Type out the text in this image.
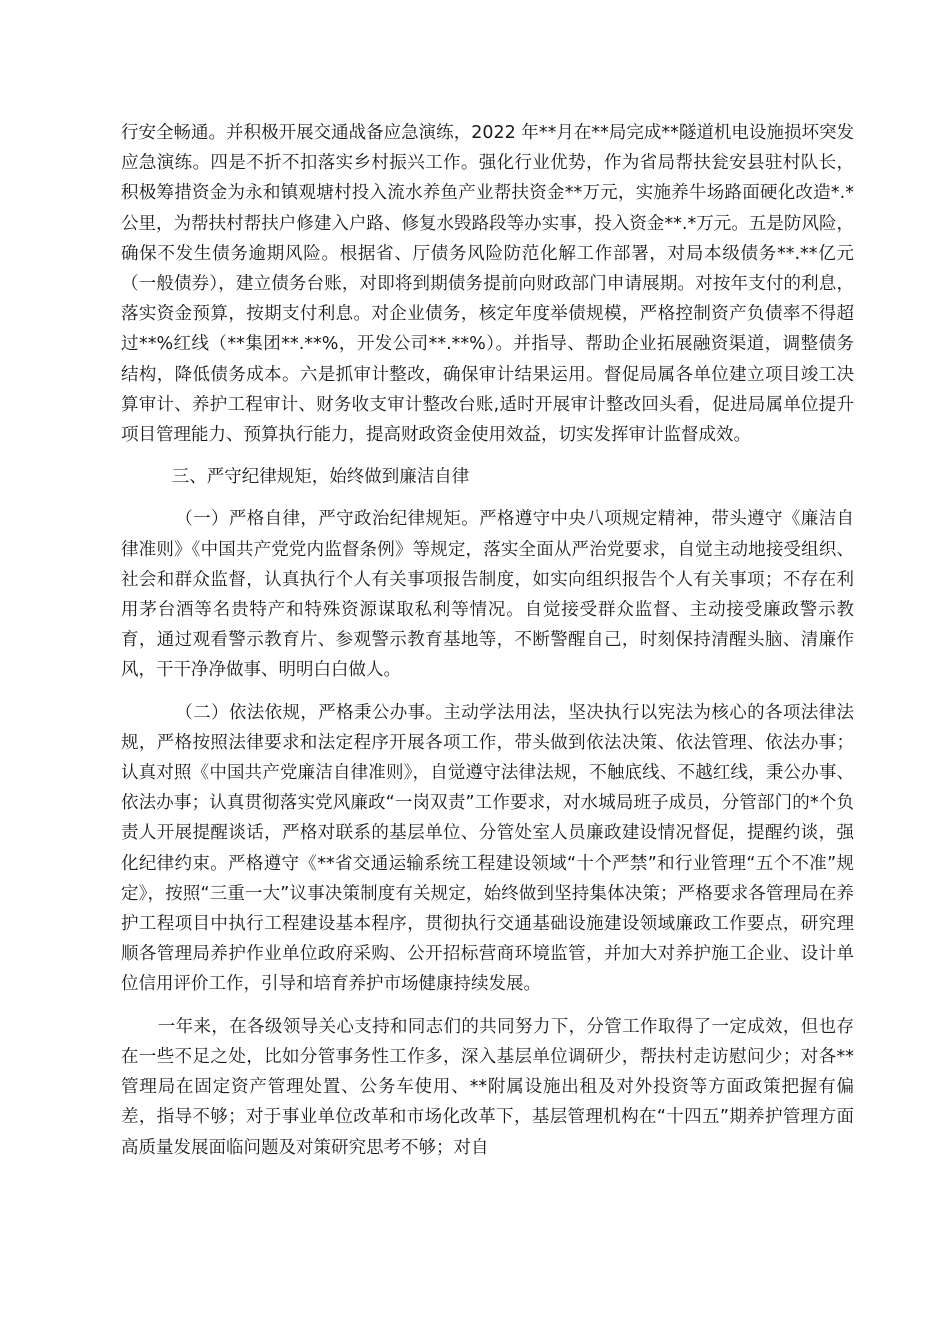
行安全畅通。并积极开展交通战备应急演练，2022 年**月在**局完成**隧道机电设施损坏突发应急演练。四是不折不扣落实乡村振兴工作。强化行业优势，作为省局帮扶瓮安县驻村队长，积极筹措资金为永和镇观塘村投入流水养鱼产业帮扶资金**万元，实施养牛场路面硬化改造*.*公里，为帮扶村帮扶户修建入户路、修复水毁路段等办实事，投入资金**.*万元。五是防风险，确保不发生债务逾期风险。根据省、厅债务风险防范化解工作部署，对局本级债务**.**亿元（一般债券），建立债务台账，对即将到期债务提前向财政部门申请展期。对按年支付的利息，落实资金预算，按期支付利息。对企业债务，核定年度举债规模，严格控制资产负债率不得超过**%红线（**集团**.**%，开发公司**.**%）。并指导、帮助企业拓展融资渠道，调整债务结构，降低债务成本。六是抓审计整改，确保审计结果运用。督促局属各单位建立项目竣工决算审计、养护工程审计、财务收支审计整改台账,适时开展审计整改回头看，促进局属单位提升项目管理能力、预算执行能力，提高财政资金使用效益，切实发挥审计监督成效。

三、严守纪律规矩，始终做到廉洁自律

（一）严格自律，严守政治纪律规矩。严格遵守中央八项规定精神，带头遵守《廉洁自律准则》《中国共产党党内监督条例》等规定，落实全面从严治党要求，自觉主动地接受组织、社会和群众监督，认真执行个人有关事项报告制度，如实向组织报告个人有关事项；不存在利用茅台酒等名贵特产和特殊资源谋取私利等情况。自觉接受群众监督、主动接受廉政警示教育，通过观看警示教育片、参观警示教育基地等，不断警醒自己，时刻保持清醒头脑、清廉作风，干干净净做事、明明白白做人。

（二）依法依规，严格秉公办事。主动学法用法，坚决执行以宪法为核心的各项法律法规，严格按照法律要求和法定程序开展各项工作，带头做到依法决策、依法管理、依法办事；认真对照《中国共产党廉洁自律准则》，自觉遵守法律法规，不触底线、不越红线，秉公办事、依法办事；认真贯彻落实党风廉政“一岗双责”工作要求，对水城局班子成员，分管部门的*个负责人开展提醒谈话，严格对联系的基层单位、分管处室人员廉政建设情况督促，提醒约谈，强化纪律约束。严格遵守《**省交通运输系统工程建设领域“十个严禁”和行业管理“五个不准”规定》，按照“三重一大”议事决策制度有关规定，始终做到坚持集体决策；严格要求各管理局在养护工程项目中执行工程建设基本程序，贯彻执行交通基础设施建设领域廉政工作要点，研究理顺各管理局养护作业单位政府采购、公开招标营商环境监管，并加大对养护施工企业、设计单位信用评价工作，引导和培育养护市场健康持续发展。

一年来，在各级领导关心支持和同志们的共同努力下，分管工作取得了一定成效，但也存在一些不足之处，比如分管事务性工作多，深入基层单位调研少，帮扶村走访慰问少；对各**管理局在固定资产管理处置、公务车使用、**附属设施出租及对外投资等方面政策把握有偏差，指导不够；对于事业单位改革和市场化改革下，基层管理机构在“十四五”期养护管理方面高质量发展面临问题及对策研究思考不够；对自
